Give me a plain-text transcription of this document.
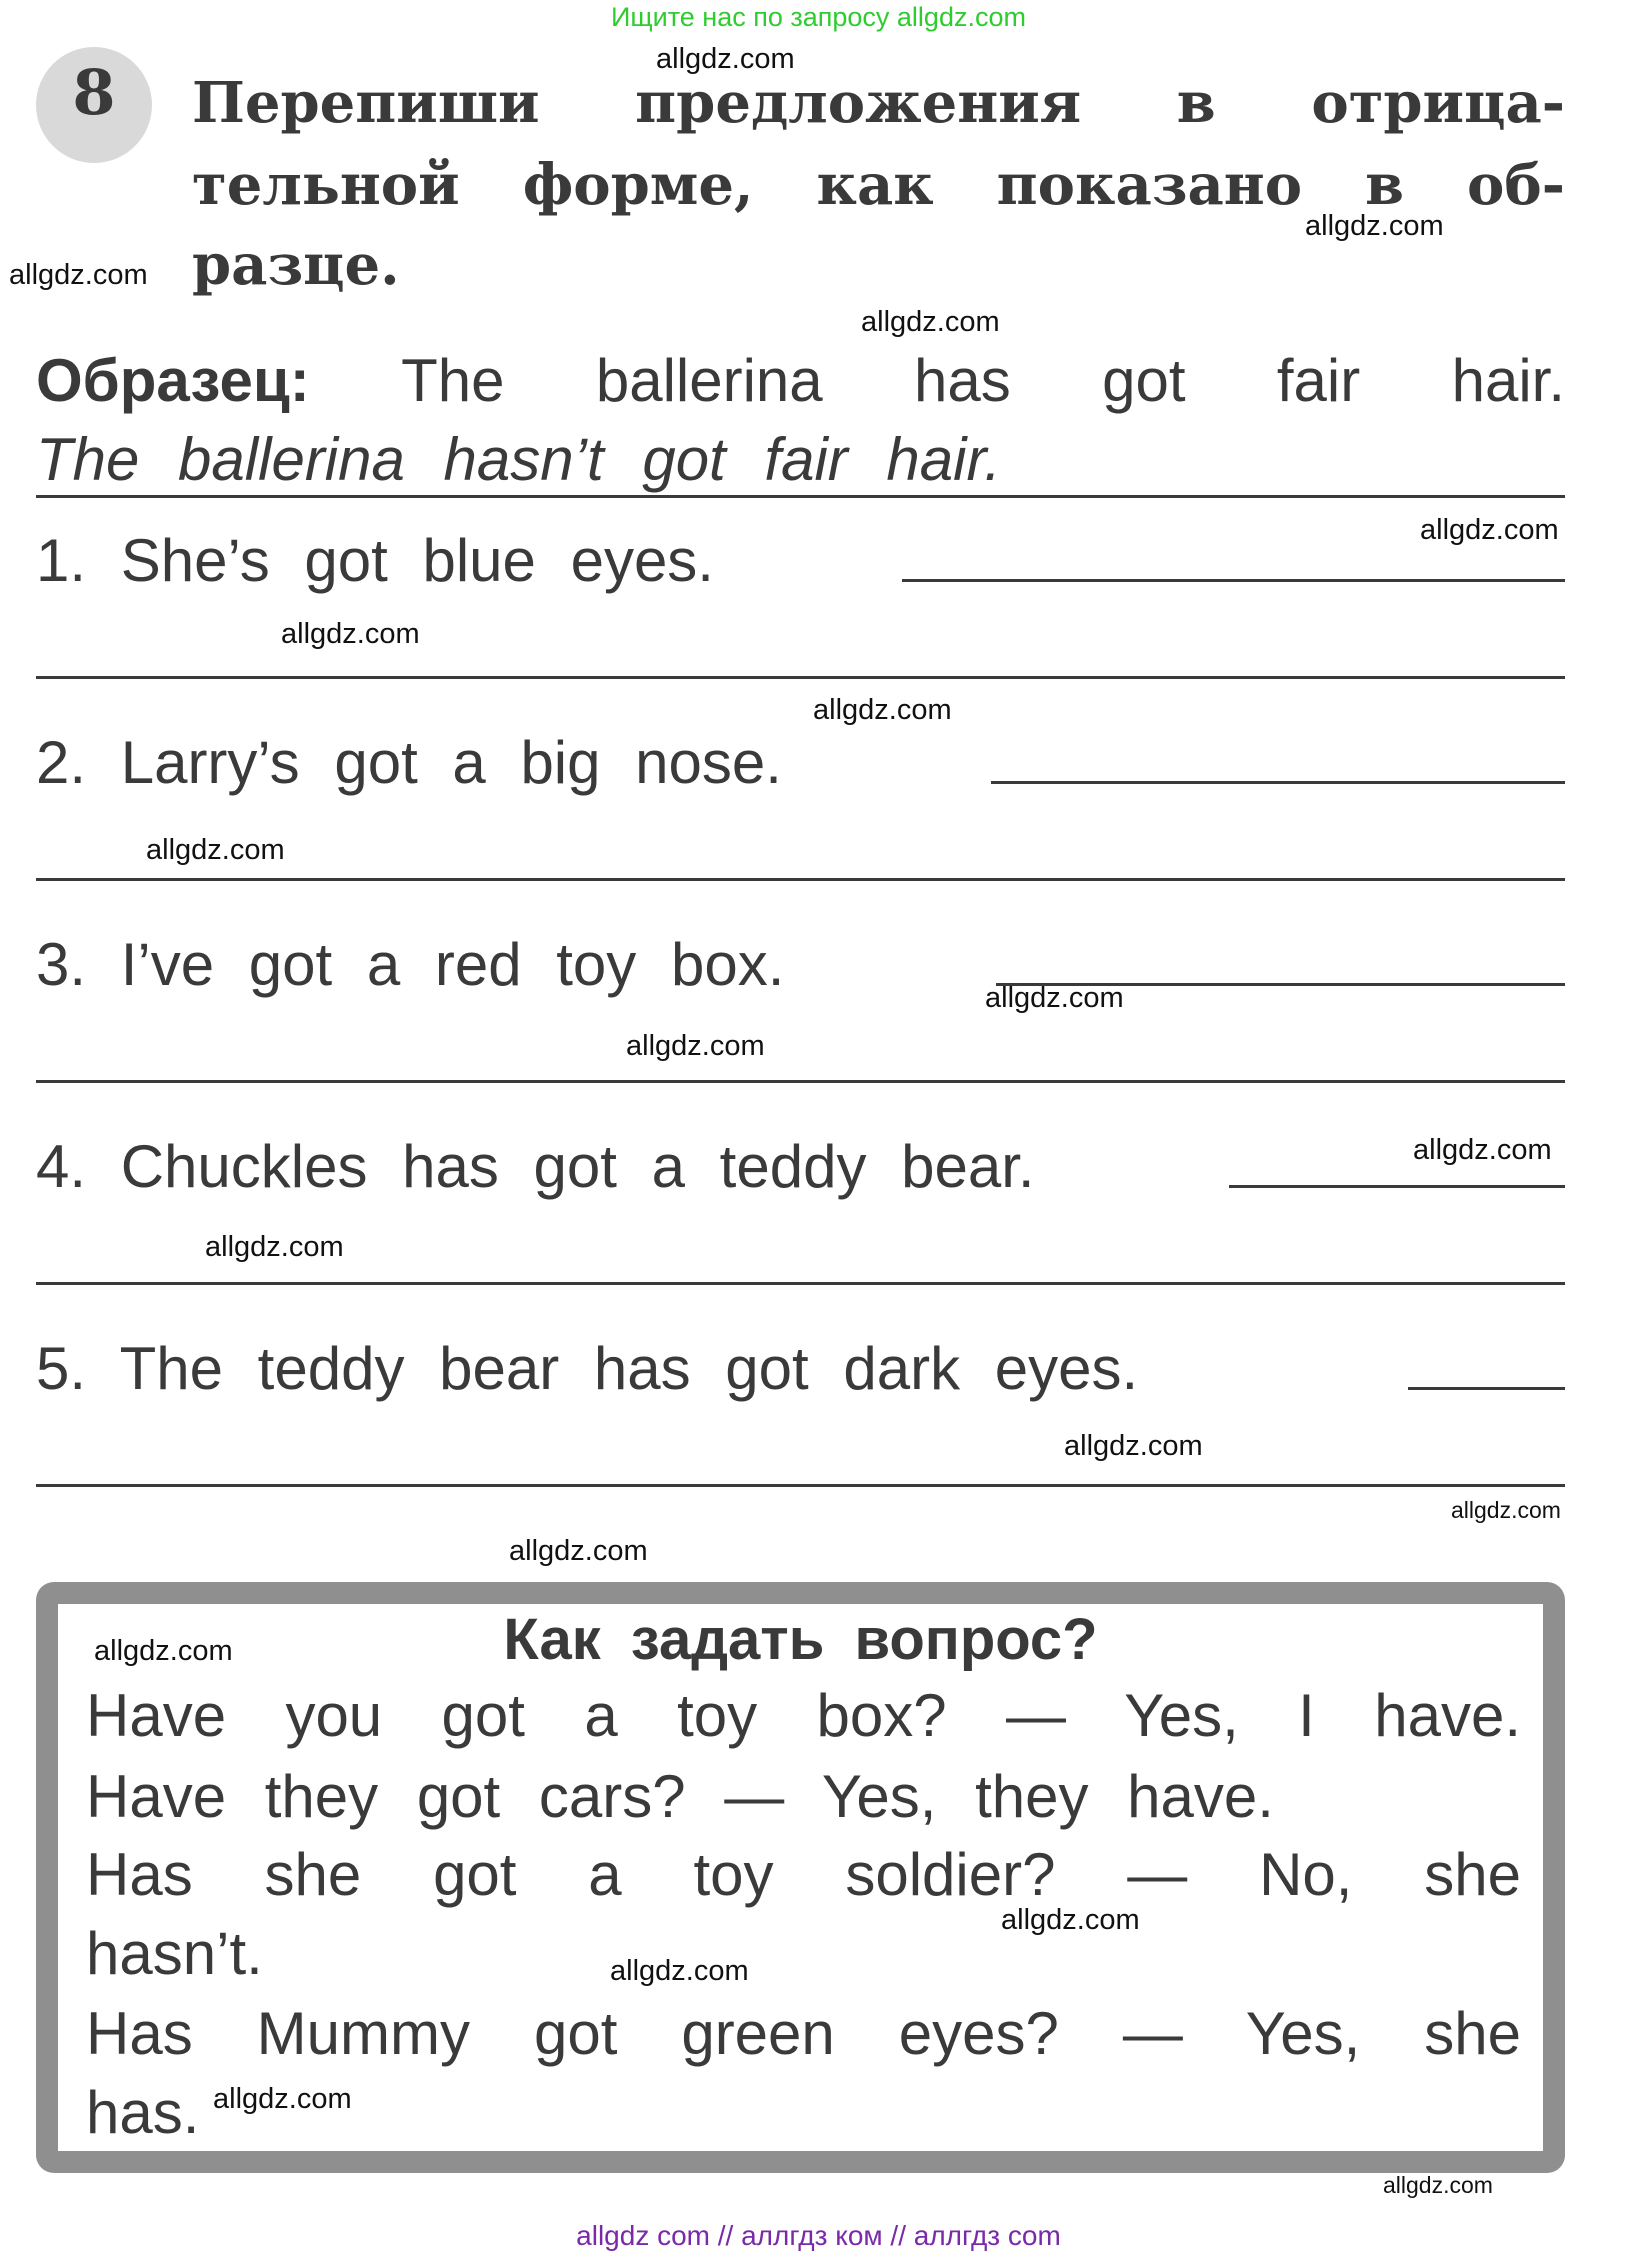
Ищите нас по запросу allgdz.com
8	Перепиши предложения в отрица-
тельной форме, как показано в об-
разце.
Образец: The ballerina has got fair hair.
The ballerina hasn’t got fair hair.
1. She’s got blue eyes.
2. Larry’s got a big nose.
3. I’ve got a red toy box.
4. Chuckles has got a teddy bear.
5. The teddy bear has got dark eyes.
Как задать вопрос?
Have you got a toy box? — Yes, I have.
Have they got cars? — Yes, they have.
Has she got a toy soldier? — No, she
hasn’t.
Has Mummy got green eyes? — Yes, she
has.
allgdz.com
allgdz.com
allgdz.com
allgdz.com
allgdz.com
allgdz.com
allgdz.com
allgdz.com
allgdz.com
allgdz.com
allgdz.com
allgdz.com
allgdz.com
allgdz.com
allgdz.com
allgdz.com
allgdz.com
allgdz.com
allgdz.com
allgdz.com
allgdz com // аллгдз ком // аллгдз com
